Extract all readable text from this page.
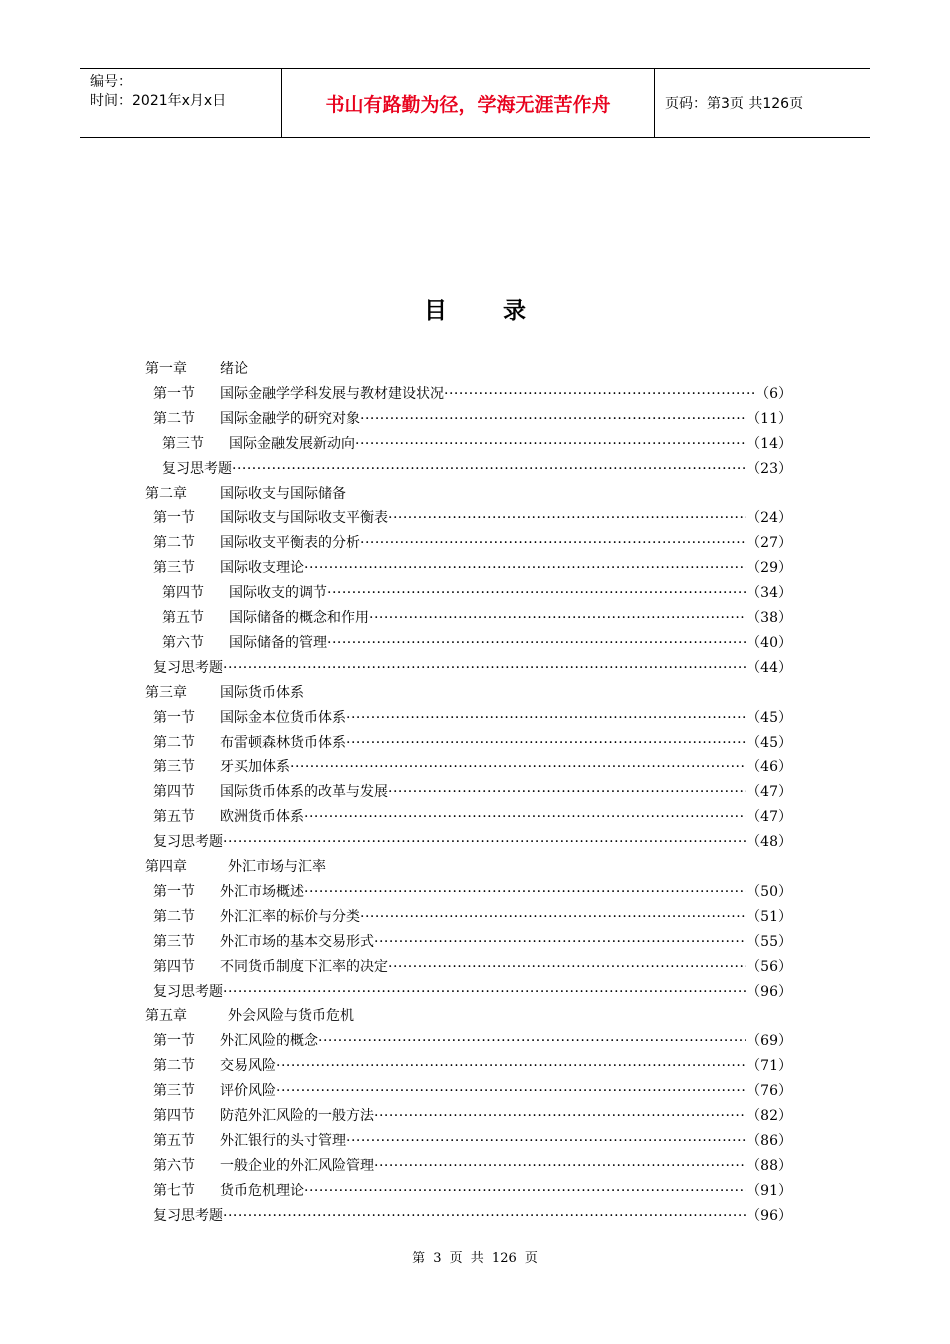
编号：
时间：2021年x月x日	书山有路勤为径，学海无涯苦作舟	页码：第3页 共126页
目录
第一章 绪论
第一节	国际金融学学科发展与教材建设状况 ·····	（6）
第二节	国际金融学的研究对象 ·····	（11）
第三节	国际金融发展新动向 ·····	（14）
复习思考题 ·····	（23）
第二章 国际收支与国际储备
第一节	国际收支与国际收支平衡表 ·····	（24）
第二节	国际收支平衡表的分析 ·····	（27）
第三节	国际收支理论 ·····	（29）
第四节	国际收支的调节 ·····	（34）
第五节	国际储备的概念和作用 ·····	（38）
第六节	国际储备的管理 ·····	（40）
复习思考题 ·····	（44）
第三章 国际货币体系
第一节	国际金本位货币体系 ·····	（45）
第二节	布雷顿森林货币体系 ·····	（45）
第三节	牙买加体系 ·····	（46）
第四节	国际货币体系的改革与发展 ·····	（47）
第五节	欧洲货币体系 ·····	（47）
复习思考题 ·····	（48）
第四章	外汇市场与汇率
第一节	外汇市场概述 ·····	（50）
第二节	外汇汇率的标价与分类 ·····	（51）
第三节	外汇市场的基本交易形式 ·····	（55）
第四节	不同货币制度下汇率的决定 ·····	（56）
复习思考题 ·····	（96）
第五章	外会风险与货币危机
第一节	外汇风险的概念 ·····	（69）
第二节	交易风险 ·····	（71）
第三节	评价风险 ·····	（76）
第四节	防范外汇风险的一般方法 ·····	（82）
第五节	外汇银行的头寸管理 ·····	（86）
第六节	一般企业的外汇风险管理 ·····	（88）
第七节	货币危机理论 ·····	（91）
复习思考题 ·····	（96）
第 3 页 共 126 页
